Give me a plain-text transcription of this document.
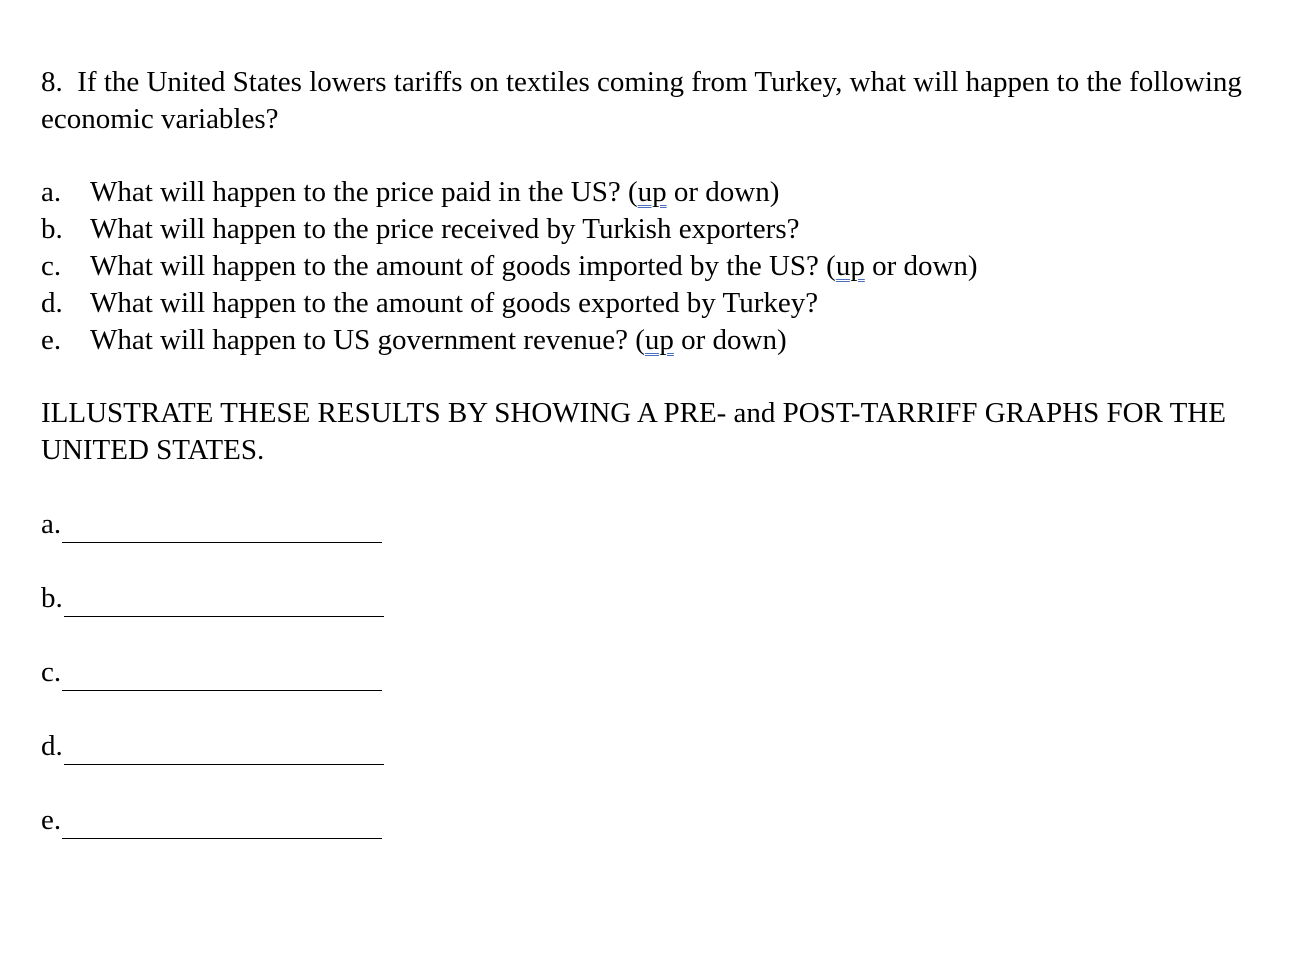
8. If the United States lowers tariffs on textiles coming from Turkey, what will happen to the following economic variables?

a. What will happen to the price paid in the US? (up or down)
b. What will happen to the price received by Turkish exporters?
c. What will happen to the amount of goods imported by the US? (up or down)
d. What will happen to the amount of goods exported by Turkey?
e. What will happen to US government revenue? (up or down)

ILLUSTRATE THESE RESULTS BY SHOWING A PRE- and POST-TARRIFF GRAPHS FOR THE UNITED STATES.

a.
b.
c.
d.
e.
